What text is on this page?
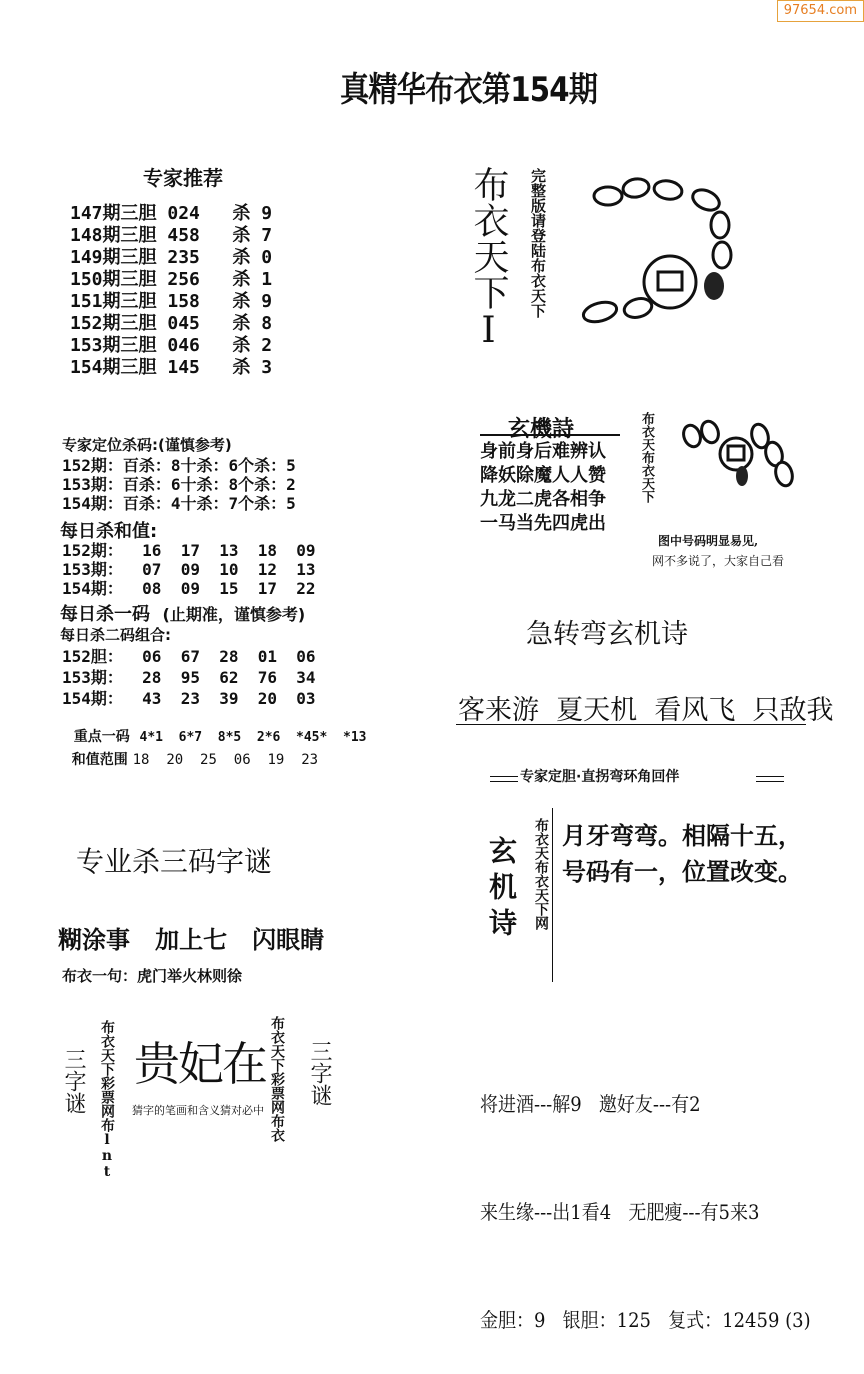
97654.com
真精华布衣第154期
专家推荐
147期三胆 024 杀 9
148期三胆 458 杀 7
149期三胆 235 杀 0
150期三胆 256 杀 1
151期三胆 158 杀 9
152期三胆 045 杀 8
153期三胆 046 杀 2
154期三胆 145 杀 3
专家定位杀码:(谨慎参考)
152期：百杀：8十杀：6个杀：5
153期：百杀：6十杀：8个杀：2
154期：百杀：4十杀：7个杀：5
每日杀和值:
152期：  16  17  13  18  09
153期：  07  09  10  12  13
154期：  08  09  15  17  22
每日杀一码 (止期准，谨慎参考)
每日杀二码组合:
152胆：  06  67  28  01  06
153期：  28  95  62  76  34
154期：  43  23  39  20  03

重点一码 4*1  6*7  8*5  2*6  *45*  *13

和值范围 18  20  25  06  19  23

专业杀三码字谜
糊涂事   加上七   闪眼睛
布衣一句：虎门举火林则徐
三字谜 布衣天下彩票网布lnt 贵妃在
猜字的笔画和含义猜对必中 布衣天下彩票网布衣 三字谜
布衣天下I 完整版请登陆布衣天下
玄機詩
身前身后难辨认
降妖除魔人人赞
九龙二虎各相争
一马当先四虎出
布衣天布衣天下
图中号码明显易见,
网不多说了，大家自己看
急转弯玄机诗
客来游  夏天机  看风飞  只敌我
专家定胆·直拐弯环角回伴
玄机诗 布衣天布衣天下网 月牙弯弯。相隔十五，
号码有一，位置改变。

将进酒---解9   邀好友---有2

来生缘---出1看4   无肥瘦---有5来3

金胆：9   银胆：125   复式：12459 (3)
